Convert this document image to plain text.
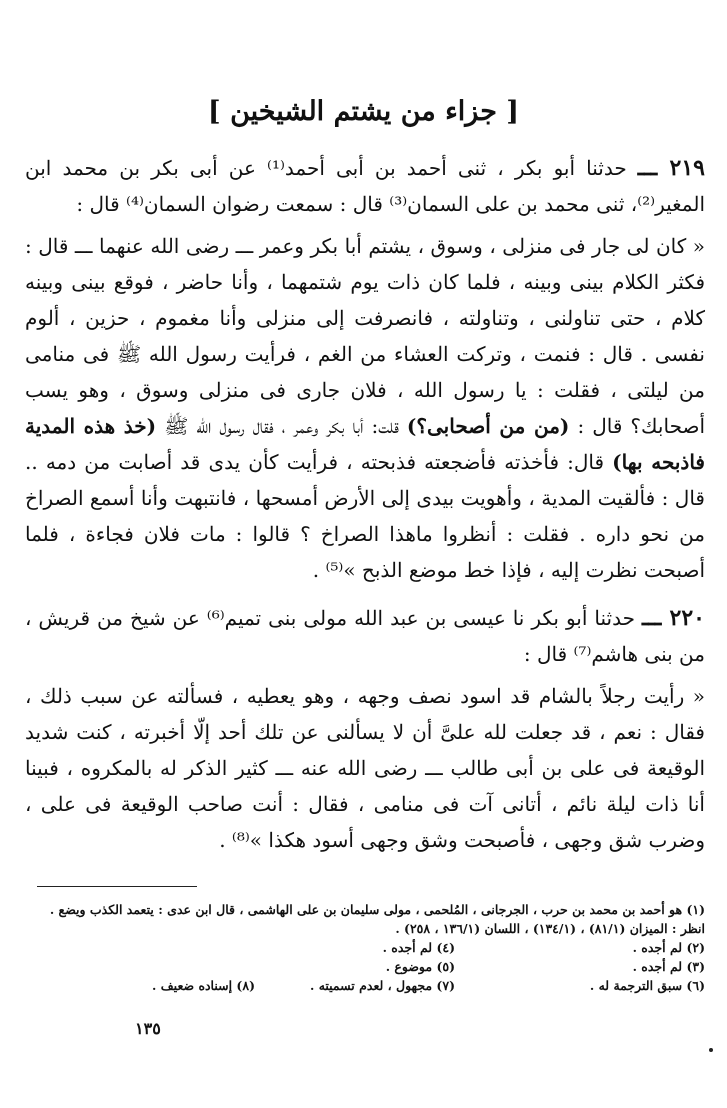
[ جزاء من يشتم الشيخين ]

٢١٩ ـــ حدثنا أبو بكر ، ثنى أحمد بن أبى أحمد⁽¹⁾ عن أبى بكر بن محمد ابن المغير⁽²⁾، ثنى محمد بن على السمان⁽³⁾ قال : سمعت رضوان السمان⁽⁴⁾ قال :

« كان لى جار فى منزلى ، وسوق ، يشتم أبا بكر وعمر ـــ رضى الله عنهما ـــ قال : فكثر الكلام بينى وبينه ، فلما كان ذات يوم شتمهما ، وأنا حاضر ، فوقع بينى وبينه كلام ، حتى تناولنى ، وتناولته ، فانصرفت إلى منزلى وأنا مغموم ، حزين ، ألوم نفسى . قال : فنمت ، وتركت العشاء من الغم ، فرأيت رسول الله ﷺ فى منامى من ليلتى ، فقلت : يا رسول الله ، فلان جارى فى منزلى وسوق ، وهو يسب أصحابك؟ قال : (من من أصحابى؟) قلت: أبا بكر وعمر ، فقال رسول الله ﷺ (خذ هذه المدية فاذبحه بها) قال: فأخذته فأضجعته فذبحته ، فرأيت كأن يدى قد أصابت من دمه .. قال : فألقيت المدية ، وأهويت بيدى إلى الأرض أمسحها ، فانتبهت وأنا أسمع الصراخ من نحو داره . فقلت : أنظروا ماهذا الصراخ ؟ قالوا : مات فلان فجاءة ، فلما أصبحت نظرت إليه ، فإذا خط موضع الذبح »⁽⁵⁾ .

٢٢٠ ـــ حدثنا أبو بكر نا عيسى بن عبد الله مولى بنى تميم⁽⁶⁾ عن شيخ من قريش ، من بنى هاشم⁽⁷⁾ قال :

« رأيت رجلاً بالشام قد اسود نصف وجهه ، وهو يعطيه ، فسألته عن سبب ذلك ، فقال : نعم ، قد جعلت لله علىَّ أن لا يسألنى عن تلك أحد إلّا أخبرته ، كنت شديد الوقيعة فى على بن أبى طالب ـــ رضى الله عنه ـــ كثير الذكر له بالمكروه ، فبينا أنا ذات ليلة نائم ، أتانى آت فى منامى ، فقال : أنت صاحب الوقيعة فى على ، وضرب شق وجهى ، فأصبحت وشق وجهى أسود هكذا »⁽⁸⁾ .

(١) هو أحمد بن محمد بن حرب ، الجرجانى ، المُلحمى ، مولى سليمان بن على الهاشمى ، قال ابن عدى : يتعمد الكذب ويضع . انظر : الميزان (٨١/١) ، (١٣٤/١) ، اللسان (١٣٦/١ ، ٢٥٨) .
(٢) لم أجده .
(٤) لم أجده .
(٣) لم أجده .
(٥) موضوع .
(٦) سبق الترجمة له .
(٧) مجهول ، لعدم تسميته .
(٨) إسناده ضعيف .
١٣٥
